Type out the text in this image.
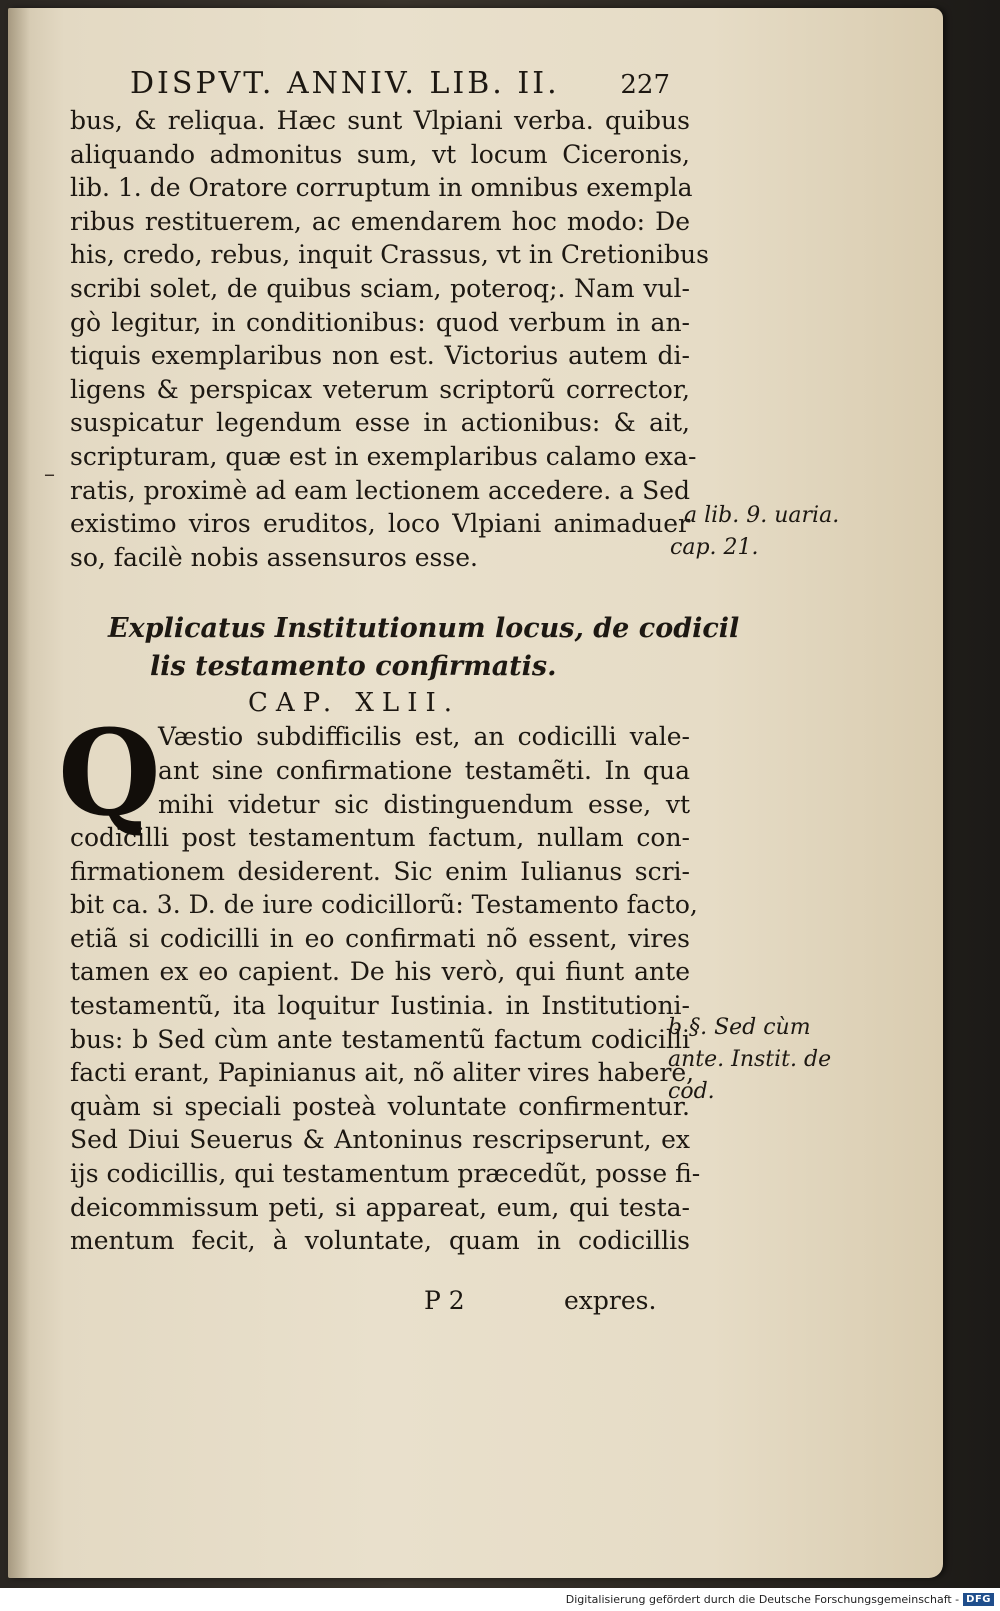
DISPVT. ANNIV. LIB. II. 227
bus, & reliqua. Hæc sunt Vlpiani verba. quibus
aliquando admonitus sum, vt locum Ciceronis,
lib. 1. de Oratore corruptum in omnibus exempla
ribus restituerem, ac emendarem hoc modo: De
his, credo, rebus, inquit Crassus, vt in Cretionibus
scribi solet, de quibus sciam, poteroq;. Nam vul-
gò legitur, in conditionibus: quod verbum in an-
tiquis exemplaribus non est. Victorius autem di-
ligens & perspicax veterum scriptorũ corrector,
suspicatur legendum esse in actionibus: & ait,
scripturam, quæ est in exemplaribus calamo exa-
ratis, proximè ad eam lectionem accedere. a Sed
existimo viros eruditos, loco Vlpiani animaduer
so, facilè nobis assensuros esse.
Explicatus Institutionum locus, de codicil
lis testamento confirmatis.
CAP. XLII.
Q
Væstio subdifficilis est, an codicilli vale-
ant sine confirmatione testamẽti. In qua
mihi videtur sic distinguendum esse, vt
codicilli post testamentum factum, nullam con-
firmationem desiderent. Sic enim Iulianus scri-
bit ca. 3. D. de iure codicillorũ: Testamento facto,
etiã si codicilli in eo confirmati nõ essent, vires
tamen ex eo capient. De his verò, qui fiunt ante
testamentũ, ita loquitur Iustinia. in Institutioni-
bus: b Sed cùm ante testamentũ factum codicilli
facti erant, Papinianus ait, nõ aliter vires habere,
quàm si speciali posteà voluntate confirmentur.
Sed Diui Seuerus & Antoninus rescripserunt, ex
ijs codicillis, qui testamentum præcedũt, posse fi-
deicommissum peti, si appareat, eum, qui testa-
mentum fecit, à voluntate, quam in codicillis
P 2	expres.
–
a lib. 9. uaria.
cap. 21.
b §. Sed cùm
ante. Instit. de
cod.
Digitalisierung gefördert durch die Deutsche Forschungsgemeinschaft - DFG
